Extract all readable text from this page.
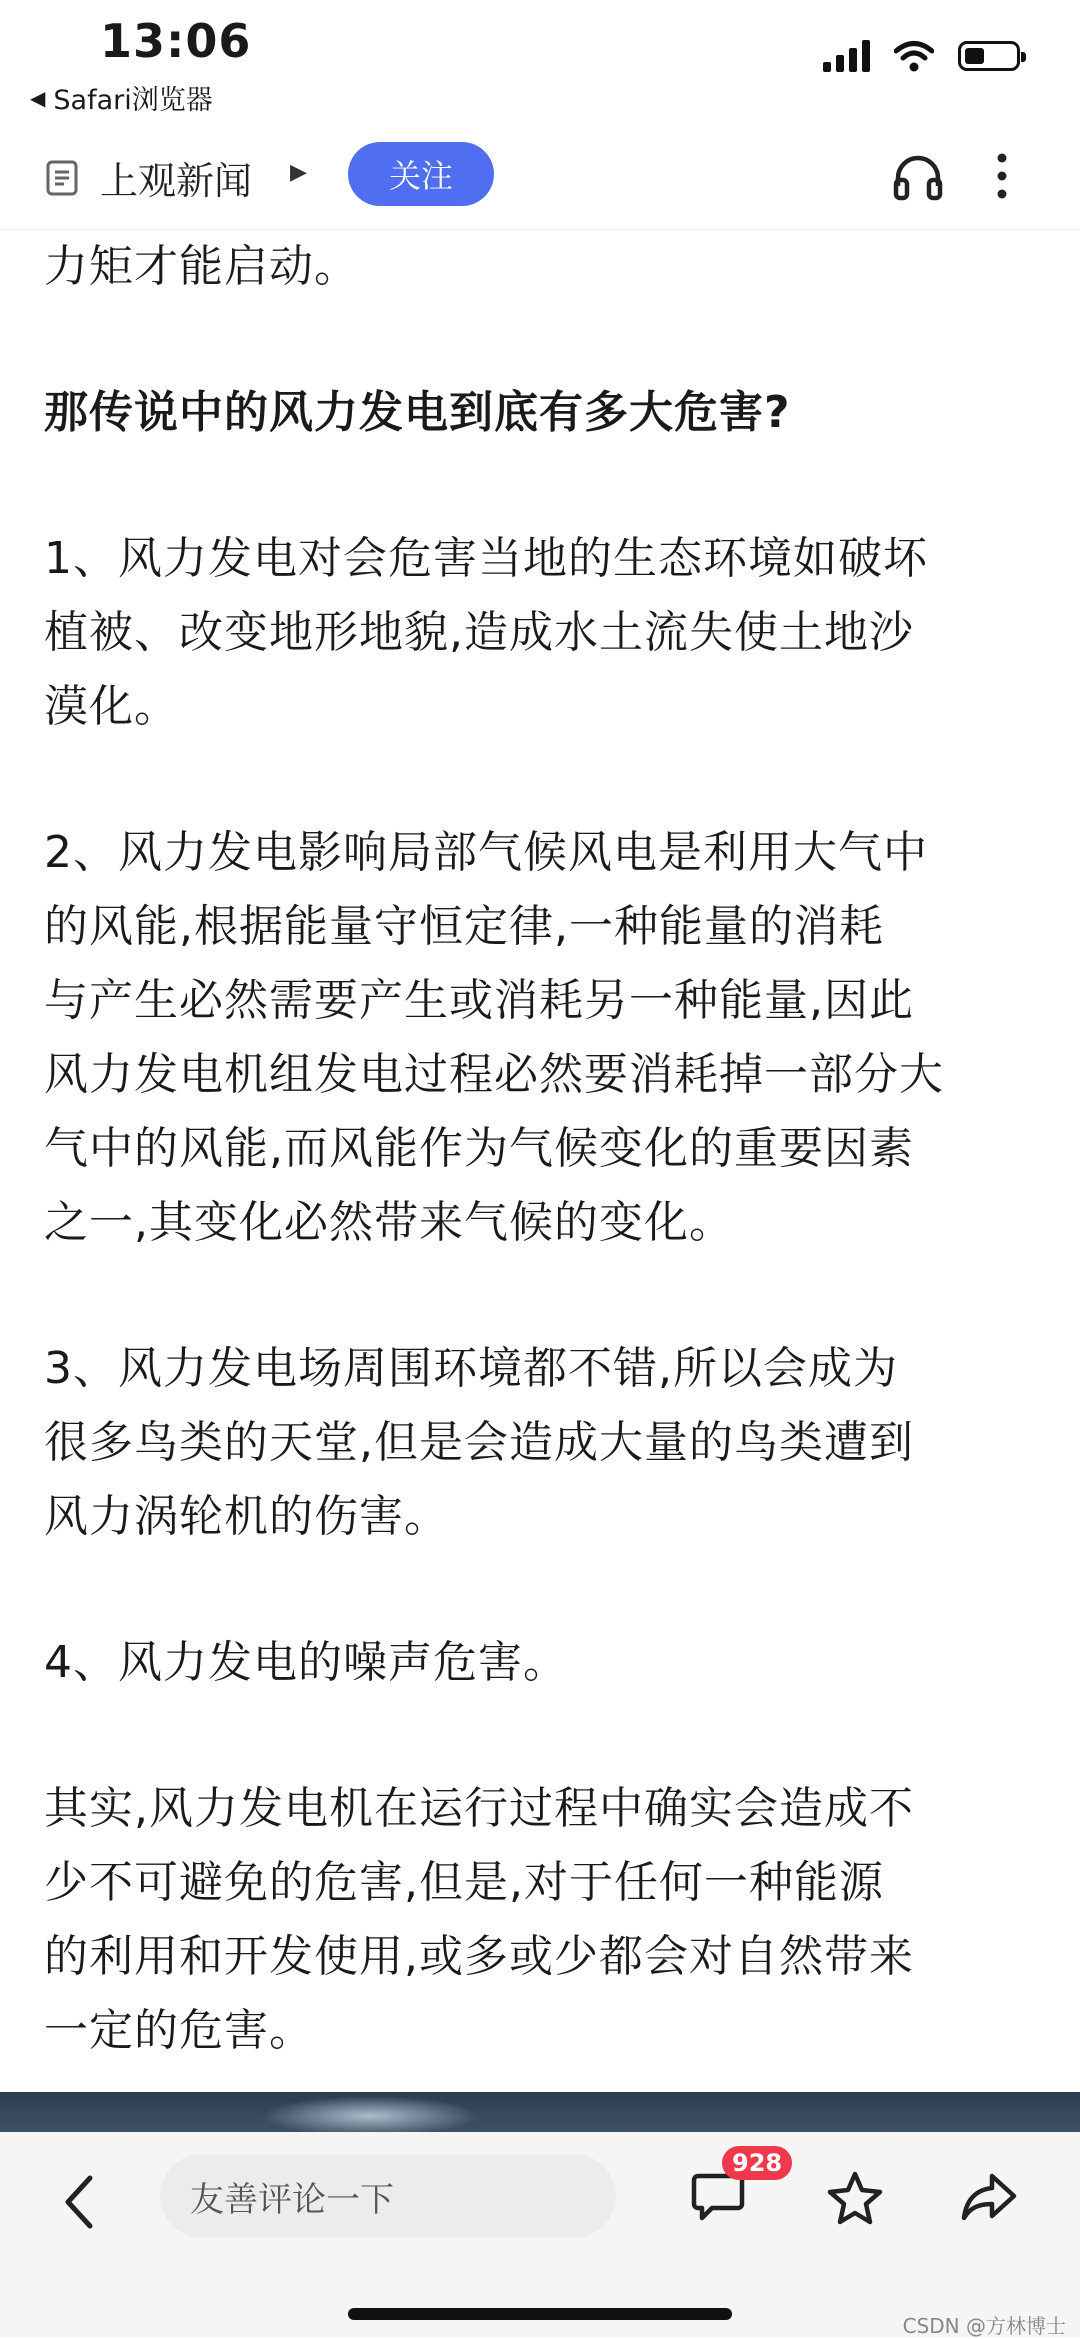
13:06
◀ Safari浏览器
上观新闻 ▶	关注

力矩才能启动。

那传说中的风力发电到底有多大危害?

1、风力发电对会危害当地的生态环境如破坏

植被、改变地形地貌,造成水土流失使土地沙

漠化。

2、风力发电影响局部气候风电是利用大气中

的风能,根据能量守恒定律,一种能量的消耗

与产生必然需要产生或消耗另一种能量,因此

风力发电机组发电过程必然要消耗掉一部分大

气中的风能,而风能作为气候变化的重要因素

之一,其变化必然带来气候的变化。

3、风力发电场周围环境都不错,所以会成为

很多鸟类的天堂,但是会造成大量的鸟类遭到

风力涡轮机的伤害。

4、风力发电的噪声危害。

其实,风力发电机在运行过程中确实会造成不

少不可避免的危害,但是,对于任何一种能源

的利用和开发使用,或多或少都会对自然带来

一定的危害。

友善评论一下
928
CSDN @方林博士
